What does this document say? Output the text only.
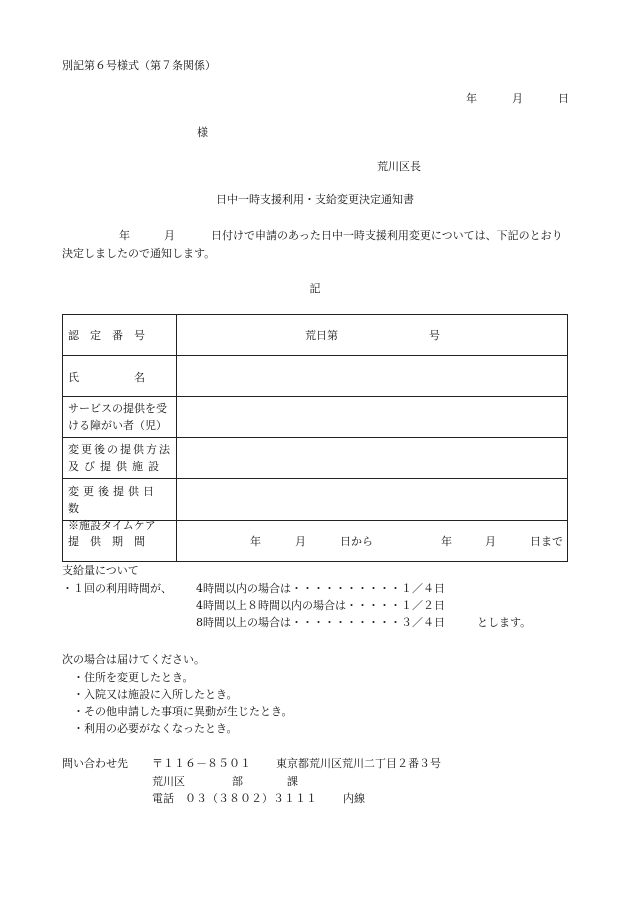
別記第６号様式（第７条関係）
年	月	日
様
荒川区長
日中一時支援利用・支給変更決定通知書
年	月	日付けで申請のあった日中一時支援利用変更については、下記のとおり
決定しましたので通知します。
記
認　定　番　号	荒日第	号
氏　　　　　名
サービスの提供を受
ける障がい者（児）
変更後の提供方法
及び提供施設
変更後提供日数
※施設タイムケア
提　供　期　間	年	月	日から	年	月	日まで
支給量について
・１回の利用時間が、 4時間以内の場合は・・・・・・・・・・１／４日
4時間以上８時間以内の場合は・・・・・１／２日
8時間以上の場合は・・・・・・・・・・３／４日	とします。
次の場合は届けてください。
・住所を変更したとき。
・入院又は施設に入所したとき。
・その他申請した事項に異動が生じたとき。
・利用の必要がなくなったとき。
問い合わせ先 〒１１６－８５０１ 東京都荒川区荒川二丁目２番３号
荒川区	部	課
電話　０３（３８０２）３１１１ 内線
